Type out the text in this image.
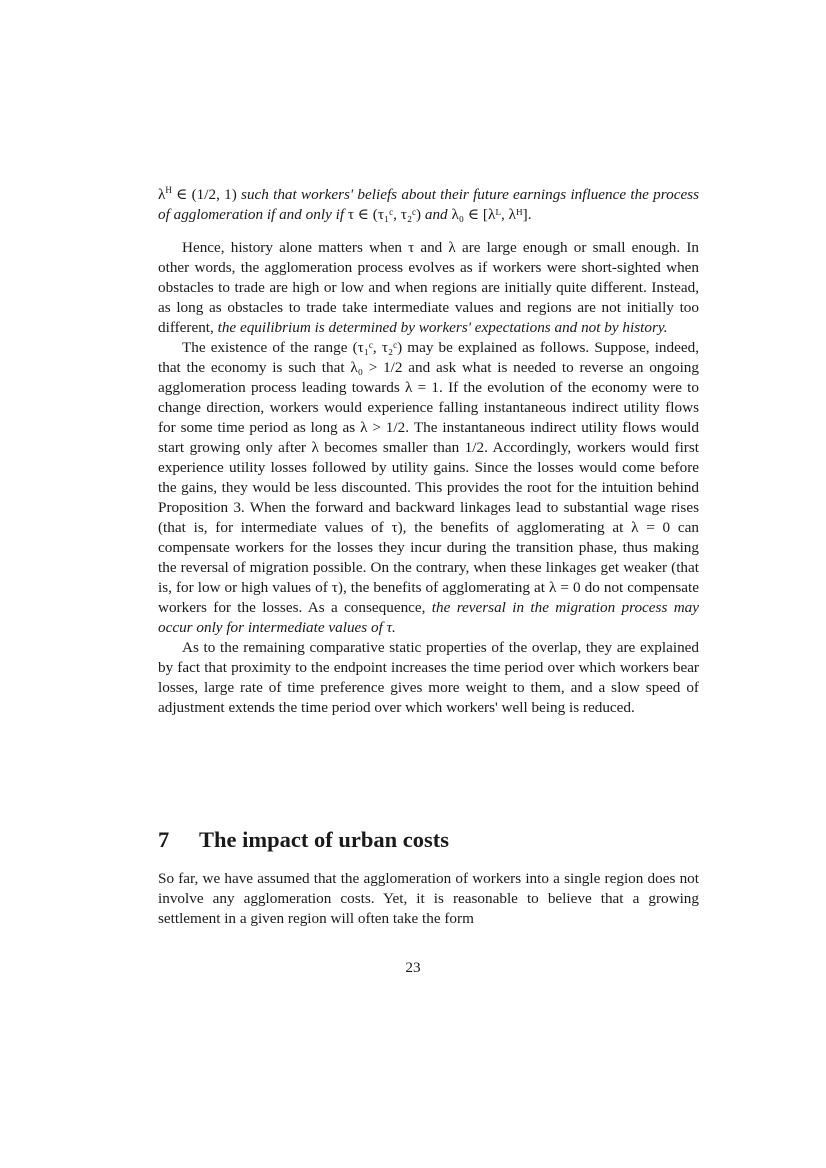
$\lambda^H$ ∈ (1/2, 1) such that workers' beliefs about their future earnings influence the process of agglomeration if and only if τ ∈ (τ₁ᶜ, τ₂ᶜ) and λ₀ ∈ [λᴸ, λᴴ].

Hence, history alone matters when τ and λ are large enough or small enough. In other words, the agglomeration process evolves as if workers were short-sighted when obstacles to trade are high or low and when regions are initially quite different. Instead, as long as obstacles to trade take intermediate values and regions are not initially too different, the equilibrium is determined by workers' expectations and not by history.

The existence of the range (τ₁ᶜ, τ₂ᶜ) may be explained as follows. Suppose, indeed, that the economy is such that λ₀ > 1/2 and ask what is needed to reverse an ongoing agglomeration process leading towards λ = 1. If the evolution of the economy were to change direction, workers would experience falling instantaneous indirect utility flows for some time period as long as λ > 1/2. The instantaneous indirect utility flows would start growing only after λ becomes smaller than 1/2. Accordingly, workers would first experience utility losses followed by utility gains. Since the losses would come before the gains, they would be less discounted. This provides the root for the intuition behind Proposition 3. When the forward and backward linkages lead to substantial wage rises (that is, for intermediate values of τ), the benefits of agglomerating at λ = 0 can compensate workers for the losses they incur during the transition phase, thus making the reversal of migration possible. On the contrary, when these linkages get weaker (that is, for low or high values of τ), the benefits of agglomerating at λ = 0 do not compensate workers for the losses. As a consequence, the reversal in the migration process may occur only for intermediate values of τ.

As to the remaining comparative static properties of the overlap, they are explained by fact that proximity to the endpoint increases the time period over which workers bear losses, large rate of time preference gives more weight to them, and a slow speed of adjustment extends the time period over which workers' well being is reduced.

7 The impact of urban costs

So far, we have assumed that the agglomeration of workers into a single region does not involve any agglomeration costs. Yet, it is reasonable to believe that a growing settlement in a given region will often take the form

23
